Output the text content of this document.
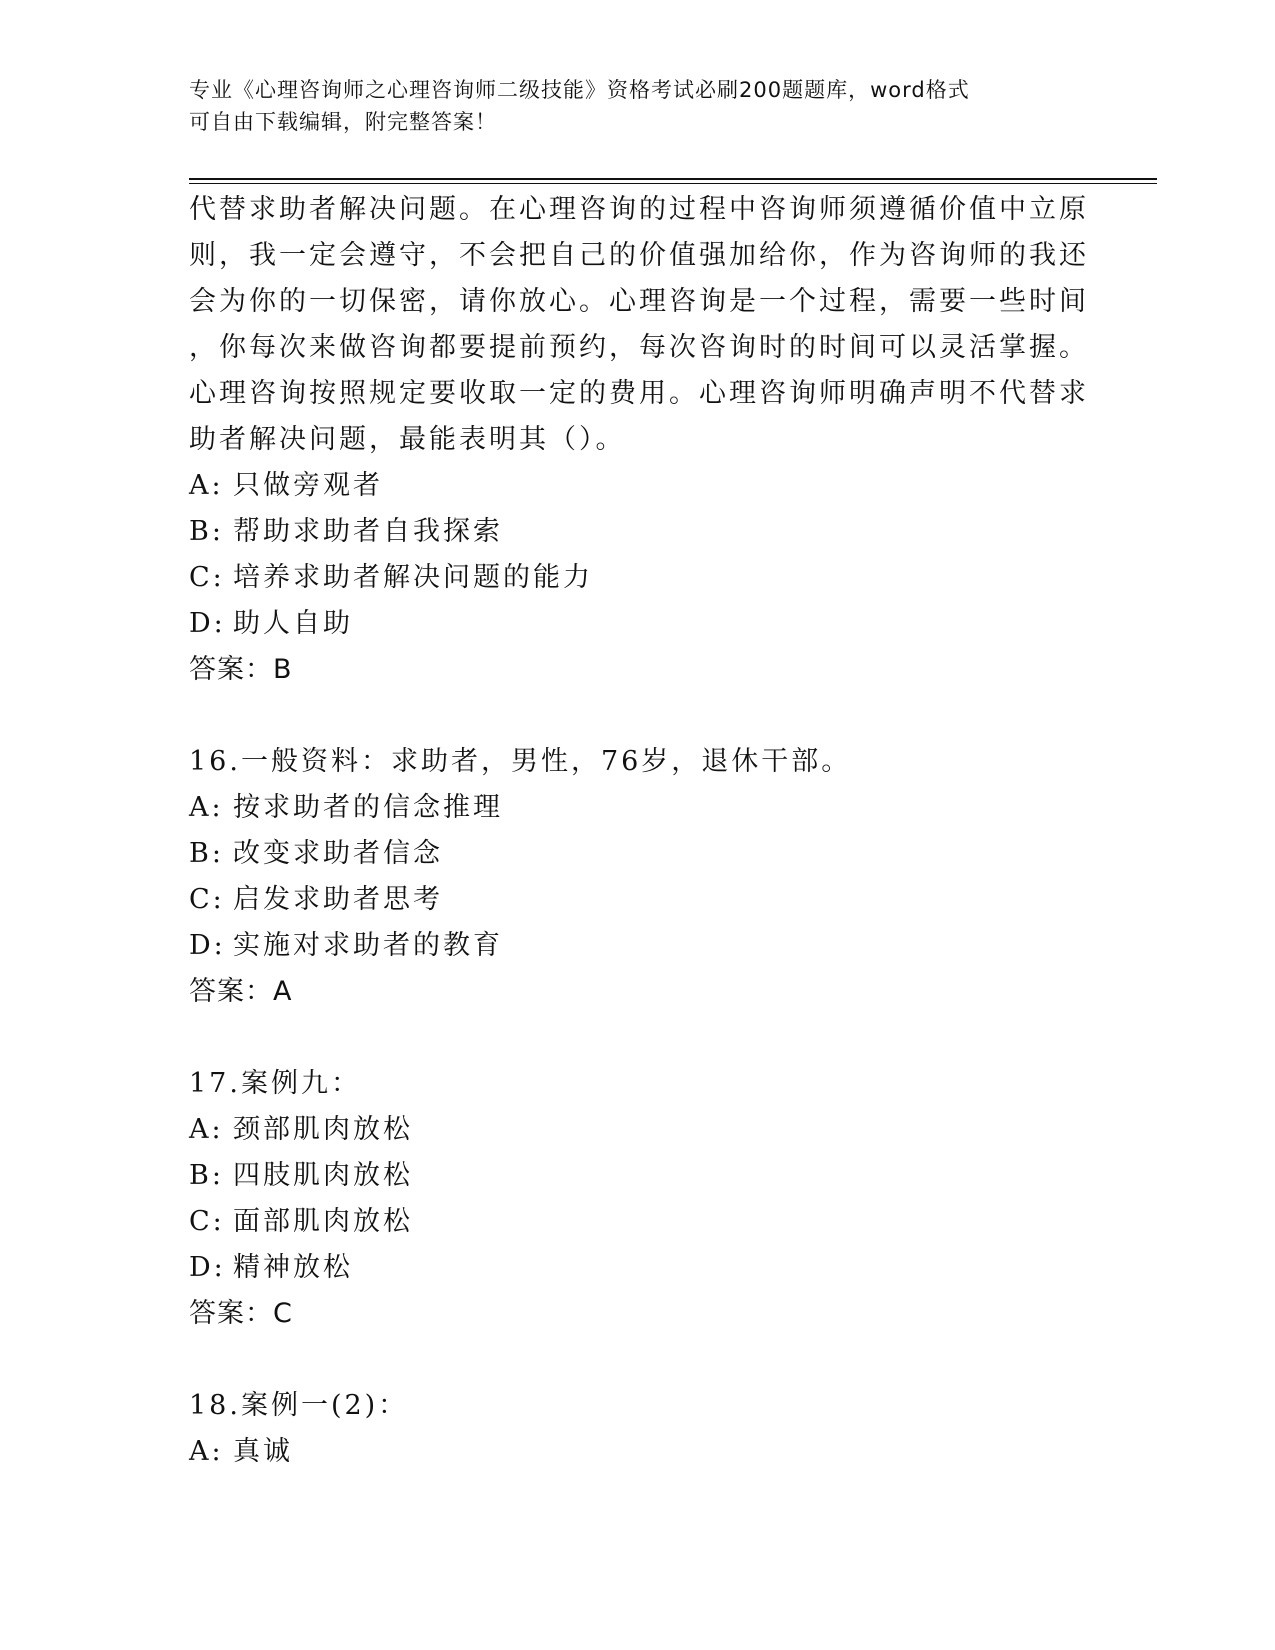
专业《心理咨询师之心理咨询师二级技能》资格考试必刷200题题库，word格式
可自由下载编辑，附完整答案！
代替求助者解决问题。在心理咨询的过程中咨询师须遵循价值中立原
则，我一定会遵守，不会把自己的价值强加给你，作为咨询师的我还
会为你的一切保密，请你放心。心理咨询是一个过程，需要一些时间
，你每次来做咨询都要提前预约，每次咨询时的时间可以灵活掌握。
心理咨询按照规定要收取一定的费用。心理咨询师明确声明不代替求
助者解决问题，最能表明其（）。
A: 只做旁观者
B: 帮助求助者自我探索
C: 培养求助者解决问题的能力
D: 助人自助
答案：B
16.一般资料：求助者，男性，76岁，退休干部。
A: 按求助者的信念推理
B: 改变求助者信念
C: 启发求助者思考
D: 实施对求助者的教育
答案：A
17.案例九：
A: 颈部肌肉放松
B: 四肢肌肉放松
C: 面部肌肉放松
D: 精神放松
答案：C
18.案例一(2)：
A: 真诚
